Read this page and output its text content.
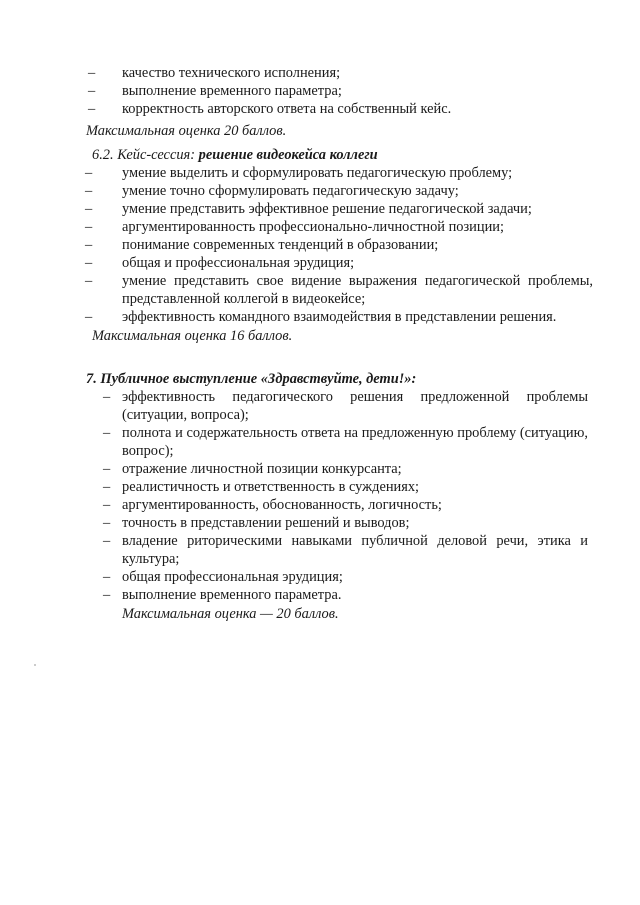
– качество технического исполнения;
– выполнение временного параметра;
– корректность авторского ответа на собственный кейс.
Максимальная оценка 20 баллов.
6.2. Кейс-сессия: решение видеокейса коллеги
– умение выделить и сформулировать педагогическую проблему;
– умение точно сформулировать педагогическую задачу;
– умение представить эффективное решение педагогической задачи;
– аргументированность профессионально-личностной позиции;
– понимание современных тенденций в образовании;
– общая и профессиональная эрудиция;
– умение представить свое видение выражения педагогической проблемы, представленной коллегой в видеокейсе;
– эффективность командного взаимодействия в представлении решения.
Максимальная оценка 16 баллов.
7. Публичное выступление «Здравствуйте, дети!»:
– эффективность педагогического решения предложенной проблемы (ситуации, вопроса);
– полнота и содержательность ответа на предложенную проблему (ситуацию, вопрос);
– отражение личностной позиции конкурсанта;
– реалистичность и ответственность в суждениях;
– аргументированность, обоснованность, логичность;
– точность в представлении решений и выводов;
– владение риторическими навыками публичной деловой речи, этика и культура;
– общая профессиональная эрудиция;
– выполнение временного параметра.
Максимальная оценка — 20 баллов.
